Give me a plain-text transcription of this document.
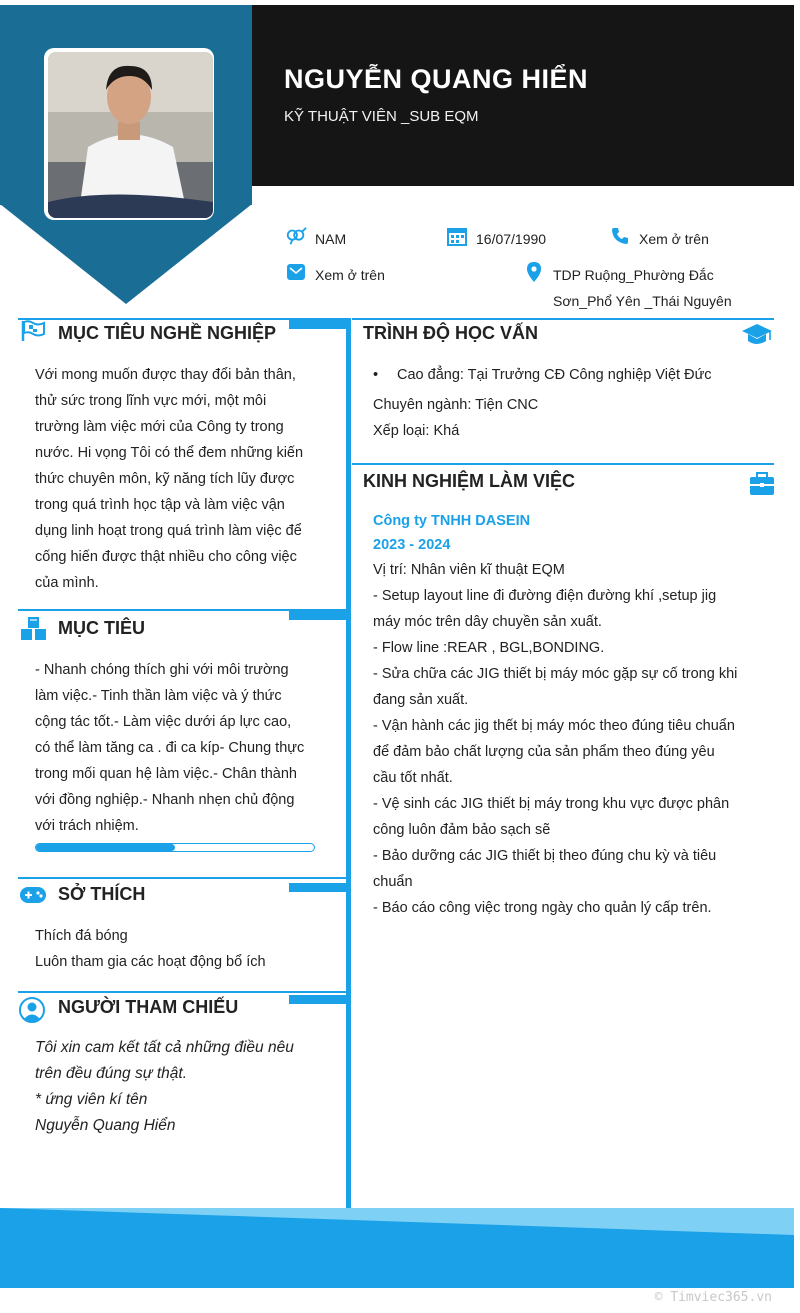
NGUYỄN QUANG HIỂN
KỸ THUẬT VIÊN _SUB EQM
NAM	16/07/1990	Xem ở trên
Xem ở trên	TDP Ruộng_Phường Đắc
Sơn_Phổ Yên _Thái Nguyên
MỤC TIÊU NGHỀ NGHIỆP
Với mong muốn được thay đổi bản thân,
thử sức trong lĩnh vực mới, một môi
trường làm việc mới của Công ty trong
nước. Hi vọng Tôi có thể đem những kiến
thức chuyên môn, kỹ năng tích lũy được
trong quá trình học tập và làm việc vận
dụng linh hoạt trong quá trình làm việc để
cống hiến được thật nhiều cho công việc
của mình.
MỤC TIÊU
- Nhanh chóng thích ghi với môi trường
làm việc.- Tinh thần làm việc và ý thức
cộng tác tốt.- Làm việc dưới áp lực cao,
có thể làm tăng ca . đi ca kíp- Chung thực
trong mối quan hệ làm việc.- Chân thành
với đồng nghiệp.- Nhanh nhẹn chủ động
với trách nhiệm.
SỞ THÍCH
Thích đá bóng
Luôn tham gia các hoạt động bổ ích
NGƯỜI THAM CHIẾU
Tôi xin cam kết tất cả những điều nêu
trên đều đúng sự thật.
* ứng viên kí tên
Nguyễn Quang Hiển
TRÌNH ĐỘ HỌC VẤN
• Cao đẳng: Tại Trưởng CĐ Công nghiệp Việt Đức
Chuyên ngành: Tiện CNC
Xếp loại: Khá
KINH NGHIỆM LÀM VIỆC
Công ty TNHH DASEIN
2023 - 2024
Vị trí: Nhân viên kĩ thuật EQM
- Setup layout line đi đường điện đường khí ,setup jig
máy móc trên dây chuyền sản xuất.
- Flow line :REAR , BGL,BONDING.
- Sửa chữa các JIG thiết bị máy móc gặp sự cố trong khi
đang sản xuất.
- Vận hành các jig thết bị máy móc theo đúng tiêu chuẩn
để đảm bảo chất lượng của sản phẩm theo đúng yêu
cầu tốt nhất.
- Vệ sinh các JIG thiết bị máy trong khu vực được phân
công luôn đảm bảo sạch sẽ
- Bảo dưỡng các JIG thiết bị theo đúng chu kỳ và tiêu
chuẩn
- Báo cáo công việc trong ngày cho quản lý cấp trên.
© Timviec365.vn
